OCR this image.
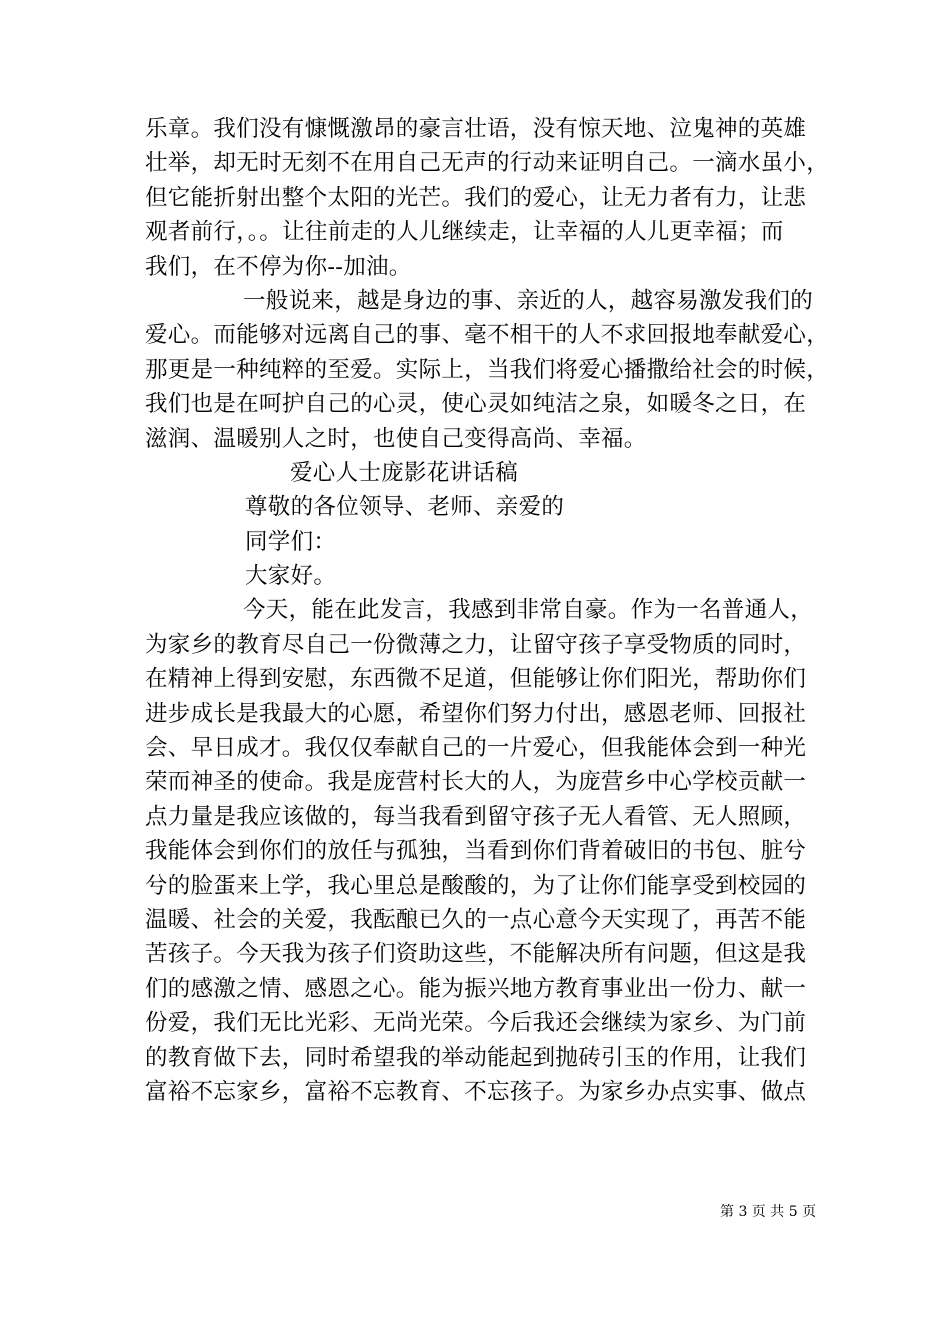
乐章。我们没有慷慨激昂的豪言壮语，没有惊天地、泣鬼神的英雄
壮举，却无时无刻不在用自己无声的行动来证明自己。一滴水虽小，
但它能折射出整个太阳的光芒。我们的爱心，让无力者有力，让悲
观者前行，。。让往前走的人儿继续走，让幸福的人儿更幸福；而
我们，在不停为你--加油。
一般说来，越是身边的事、亲近的人，越容易激发我们的
爱心。而能够对远离自己的事、毫不相干的人不求回报地奉献爱心，
那更是一种纯粹的至爱。实际上，当我们将爱心播撒给社会的时候，
我们也是在呵护自己的心灵，使心灵如纯洁之泉，如暖冬之日，在
滋润、温暖别人之时，也使自己变得高尚、幸福。
爱心人士庞影花讲话稿
尊敬的各位领导、老师、亲爱的
同学们：
大家好。
今天，能在此发言，我感到非常自豪。作为一名普通人，
为家乡的教育尽自己一份微薄之力，让留守孩子享受物质的同时，
在精神上得到安慰，东西微不足道，但能够让你们阳光，帮助你们
进步成长是我最大的心愿，希望你们努力付出，感恩老师、回报社
会、早日成才。我仅仅奉献自己的一片爱心，但我能体会到一种光
荣而神圣的使命。我是庞营村长大的人，为庞营乡中心学校贡献一
点力量是我应该做的，每当我看到留守孩子无人看管、无人照顾，
我能体会到你们的放任与孤独，当看到你们背着破旧的书包、脏兮
兮的脸蛋来上学，我心里总是酸酸的，为了让你们能享受到校园的
温暖、社会的关爱，我酝酿已久的一点心意今天实现了，再苦不能
苦孩子。今天我为孩子们资助这些，不能解决所有问题，但这是我
们的感激之情、感恩之心。能为振兴地方教育事业出一份力、献一
份爱，我们无比光彩、无尚光荣。今后我还会继续为家乡、为门前
的教育做下去，同时希望我的举动能起到抛砖引玉的作用，让我们
富裕不忘家乡，富裕不忘教育、不忘孩子。为家乡办点实事、做点
第 3 页 共 5 页
